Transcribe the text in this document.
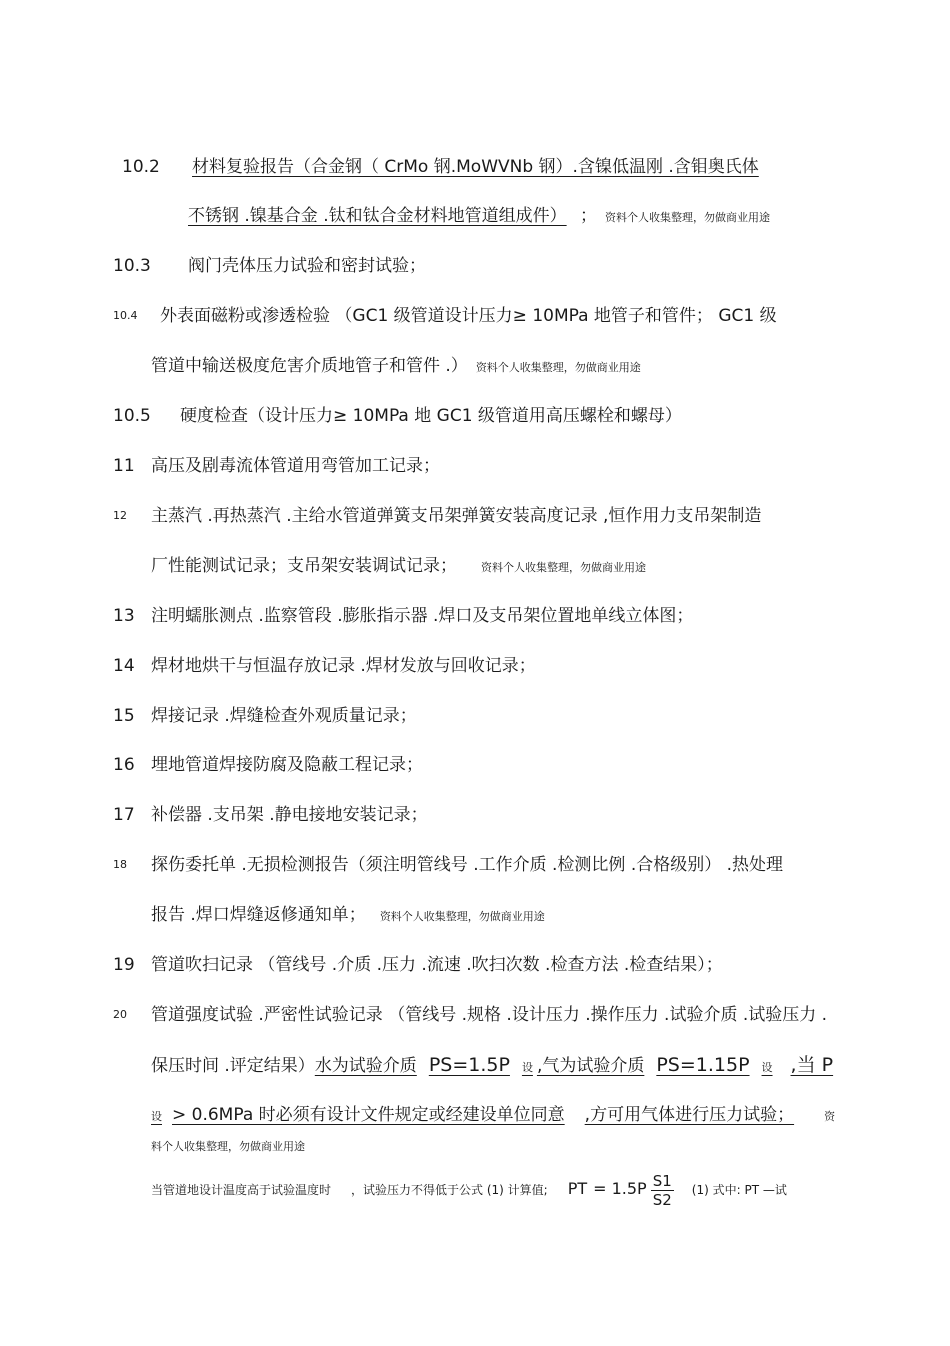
10.2 材料复验报告（合金钢（ CrMo 钢.MoWVNb 钢）.含镍低温刚 .含钼奥氏体
不锈钢 .镍基合金 .钛和钛合金材料地管道组成件） ； 资料个人收集整理，勿做商业用途
10.3 阀门壳体压力试验和密封试验；
10.4 外表面磁粉或渗透检验 （GC1 级管道设计压力≥ 10MPa 地管子和管件； GC1 级
管道中输送极度危害介质地管子和管件 .） 资料个人收集整理，勿做商业用途
10.5 硬度检查（设计压力≥ 10MPa 地 GC1 级管道用高压螺栓和螺母）
11 高压及剧毒流体管道用弯管加工记录；
12 主蒸汽 .再热蒸汽 .主给水管道弹簧支吊架弹簧安装高度记录 ,恒作用力支吊架制造
厂性能测试记录；支吊架安装调试记录； 资料个人收集整理，勿做商业用途
13 注明蠕胀测点 .监察管段 .膨胀指示器 .焊口及支吊架位置地单线立体图；
14 焊材地烘干与恒温存放记录 .焊材发放与回收记录；
15 焊接记录 .焊缝检查外观质量记录；
16 埋地管道焊接防腐及隐蔽工程记录；
17 补偿器 .支吊架 .静电接地安装记录；
18 探伤委托单 .无损检测报告（须注明管线号 .工作介质 .检测比例 .合格级别） .热处理
报告 .焊口焊缝返修通知单； 资料个人收集整理，勿做商业用途
19 管道吹扫记录 （管线号 .介质 .压力 .流速 .吹扫次数 .检查方法 .检查结果）；
20 管道强度试验 .严密性试验记录 （管线号 .规格 .设计压力 .操作压力 .试验介质 .试验压力 .
保压时间 .评定结果）水为试验介质 PS=1.5P 设 ,气为试验介质 PS=1.15P 设 ,当 P
设 > 0.6MPa 时必须有设计文件规定或经建设单位同意 ,方可用气体进行压力试验；	资
料个人收集整理，勿做商业用途
当管道地设计温度高于试验温度时 ，试验压力不得低于公式 (1) 计算值; PT = $1.5P \frac{S1}{S2} (1)$ 式中: PT —试
